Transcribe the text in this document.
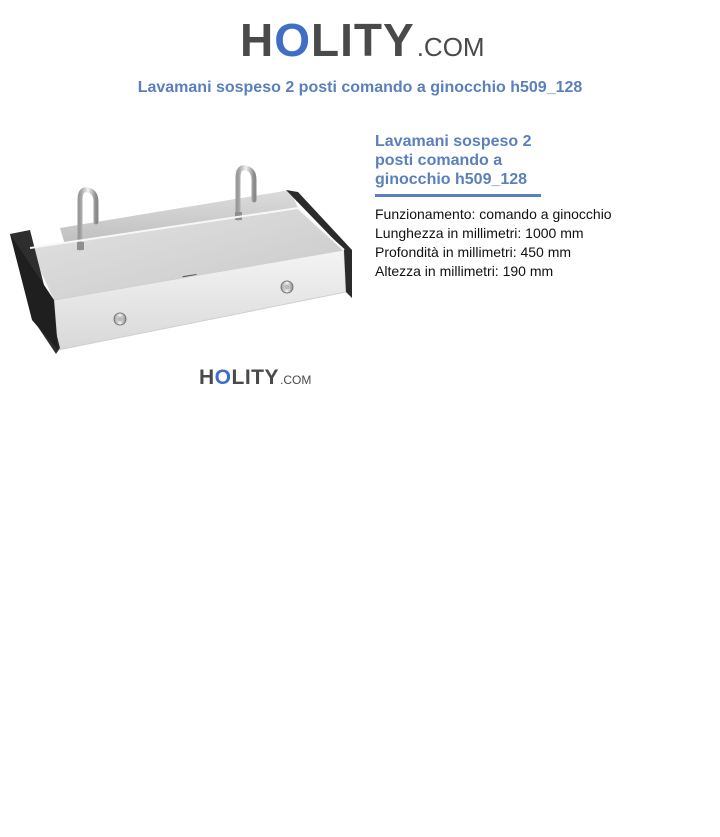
HOLITY .COM
Lavamani sospeso 2 posti comando a ginocchio h509_128
HOLITY .COM
Lavamani sospeso 2 posti comando a ginocchio h509_128
Funzionamento: comando a ginocchio
Lunghezza in millimetri: 1000 mm
Profondità in millimetri: 450 mm
Altezza in millimetri: 190 mm
